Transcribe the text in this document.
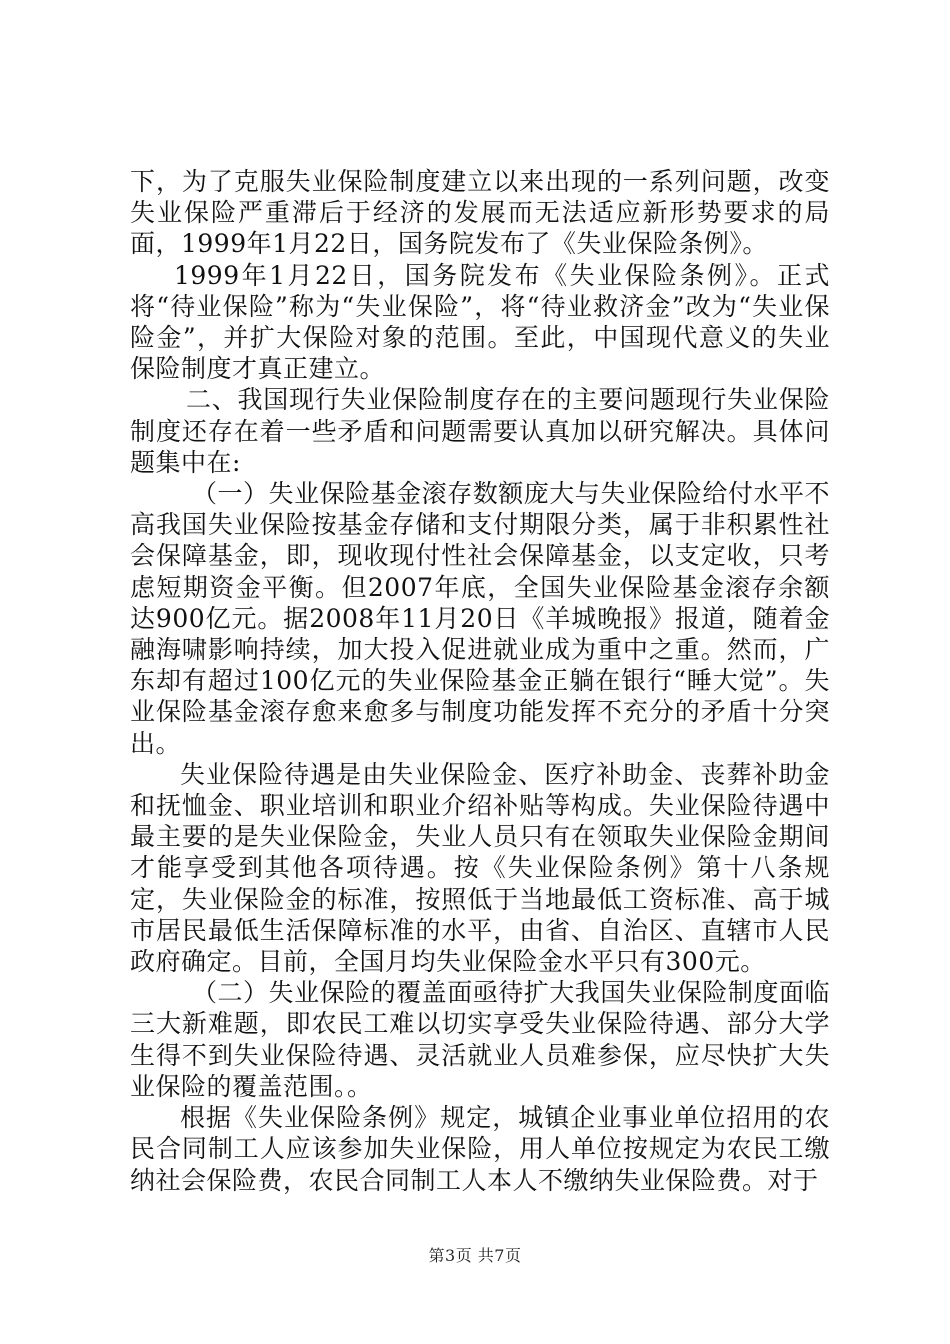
下，为了克服失业保险制度建立以来出现的一系列问题，改变失业保险严重滞后于经济的发展而无法适应新形势要求的局面，1999年1月22日，国务院发布了《失业保险条例》。

1999年1月22日，国务院发布《失业保险条例》。正式将“待业保险”称为“失业保险”，将“待业救济金”改为“失业保险金”，并扩大保险对象的范围。至此，中国现代意义的失业保险制度才真正建立。

二、我国现行失业保险制度存在的主要问题现行失业保险制度还存在着一些矛盾和问题需要认真加以研究解决。具体问题集中在:

（一）失业保险基金滚存数额庞大与失业保险给付水平不高我国失业保险按基金存储和支付期限分类，属于非积累性社会保障基金，即，现收现付性社会保障基金，以支定收，只考虑短期资金平衡。但2007年底，全国失业保险基金滚存余额达900亿元。据2008年11月20日《羊城晚报》报道，随着金融海啸影响持续，加大投入促进就业成为重中之重。然而，广东却有超过100亿元的失业保险基金正躺在银行“睡大觉”。失业保险基金滚存愈来愈多与制度功能发挥不充分的矛盾十分突出。

失业保险待遇是由失业保险金、医疗补助金、丧葬补助金和抚恤金、职业培训和职业介绍补贴等构成。失业保险待遇中最主要的是失业保险金，失业人员只有在领取失业保险金期间才能享受到其他各项待遇。按《失业保险条例》第十八条规定，失业保险金的标准，按照低于当地最低工资标准、高于城市居民最低生活保障标准的水平，由省、自治区、直辖市人民政府确定。目前，全国月均失业保险金水平只有300元。

（二）失业保险的覆盖面亟待扩大我国失业保险制度面临三大新难题，即农民工难以切实享受失业保险待遇、部分大学生得不到失业保险待遇、灵活就业人员难参保，应尽快扩大失业保险的覆盖范围。。

根据《失业保险条例》规定，城镇企业事业单位招用的农民合同制工人应该参加失业保险，用人单位按规定为农民工缴纳社会保险费，农民合同制工人本人不缴纳失业保险费。对于

第3页 共7页
